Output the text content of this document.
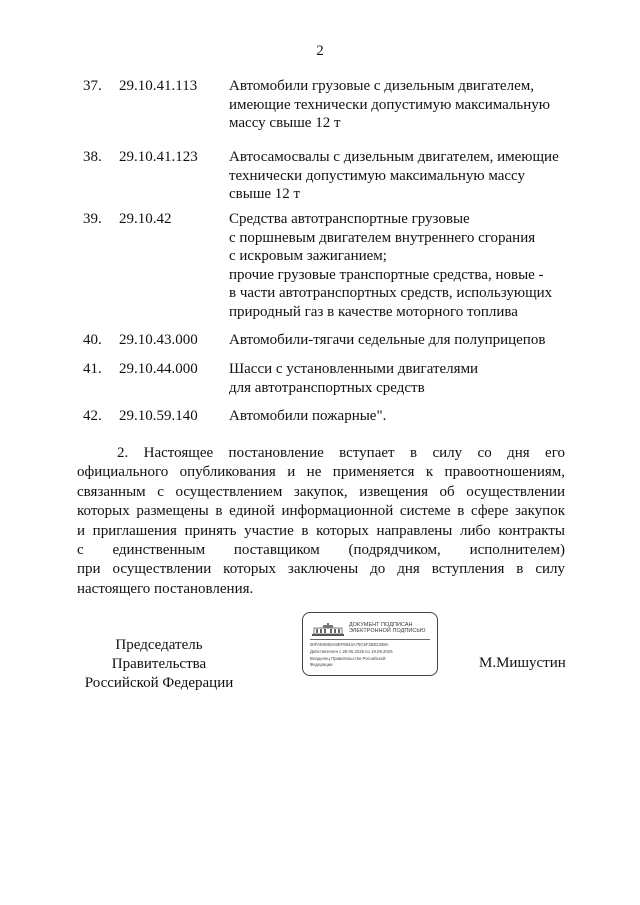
2
37. 29.10.41.113 Автомобили грузовые с дизельным двигателем,
имеющие технически допустимую максимальную
массу свыше 12 т
38. 29.10.41.123 Автосамосвалы с дизельным двигателем, имеющие
технически допустимую максимальную массу
свыше 12 т
39. 29.10.42	Средства автотранспортные грузовые
с поршневым двигателем внутреннего сгорания
с искровым зажиганием;
прочие грузовые транспортные средства, новые -
в части автотранспортных средств, использующих
природный газ в качестве моторного топлива
40. 29.10.43.000 Автомобили-тягачи седельные для полуприцепов
41. 29.10.44.000 Шасси с установленными двигателями
для автотранспортных средств
42. 29.10.59.140 Автомобили пожарные".
2. Настоящее постановление вступает в силу со дня его
официального опубликования и не применяется к правоотношениям,
связанным с осуществлением закупок, извещения об осуществлении
которых размещены в единой информационной системе в сфере закупок
и приглашения принять участие в которых направлены либо контракты
с единственным поставщиком (подрядчиком, исполнителем)
при осуществлении которых заключены до дня вступления в силу
настоящего постановления.
Председатель Правительства
Российской Федерации
ДОКУМЕНТ ПОДПИСАН
ЭЛЕКТРОННОЙ ПОДПИСЬЮ
00FAE6950A8EF8943A79C5F2B02398A
Действителен с 29.06.2025 по 19.09.2026
Владелец Правительство Российской
Федерации	М.Мишустин
